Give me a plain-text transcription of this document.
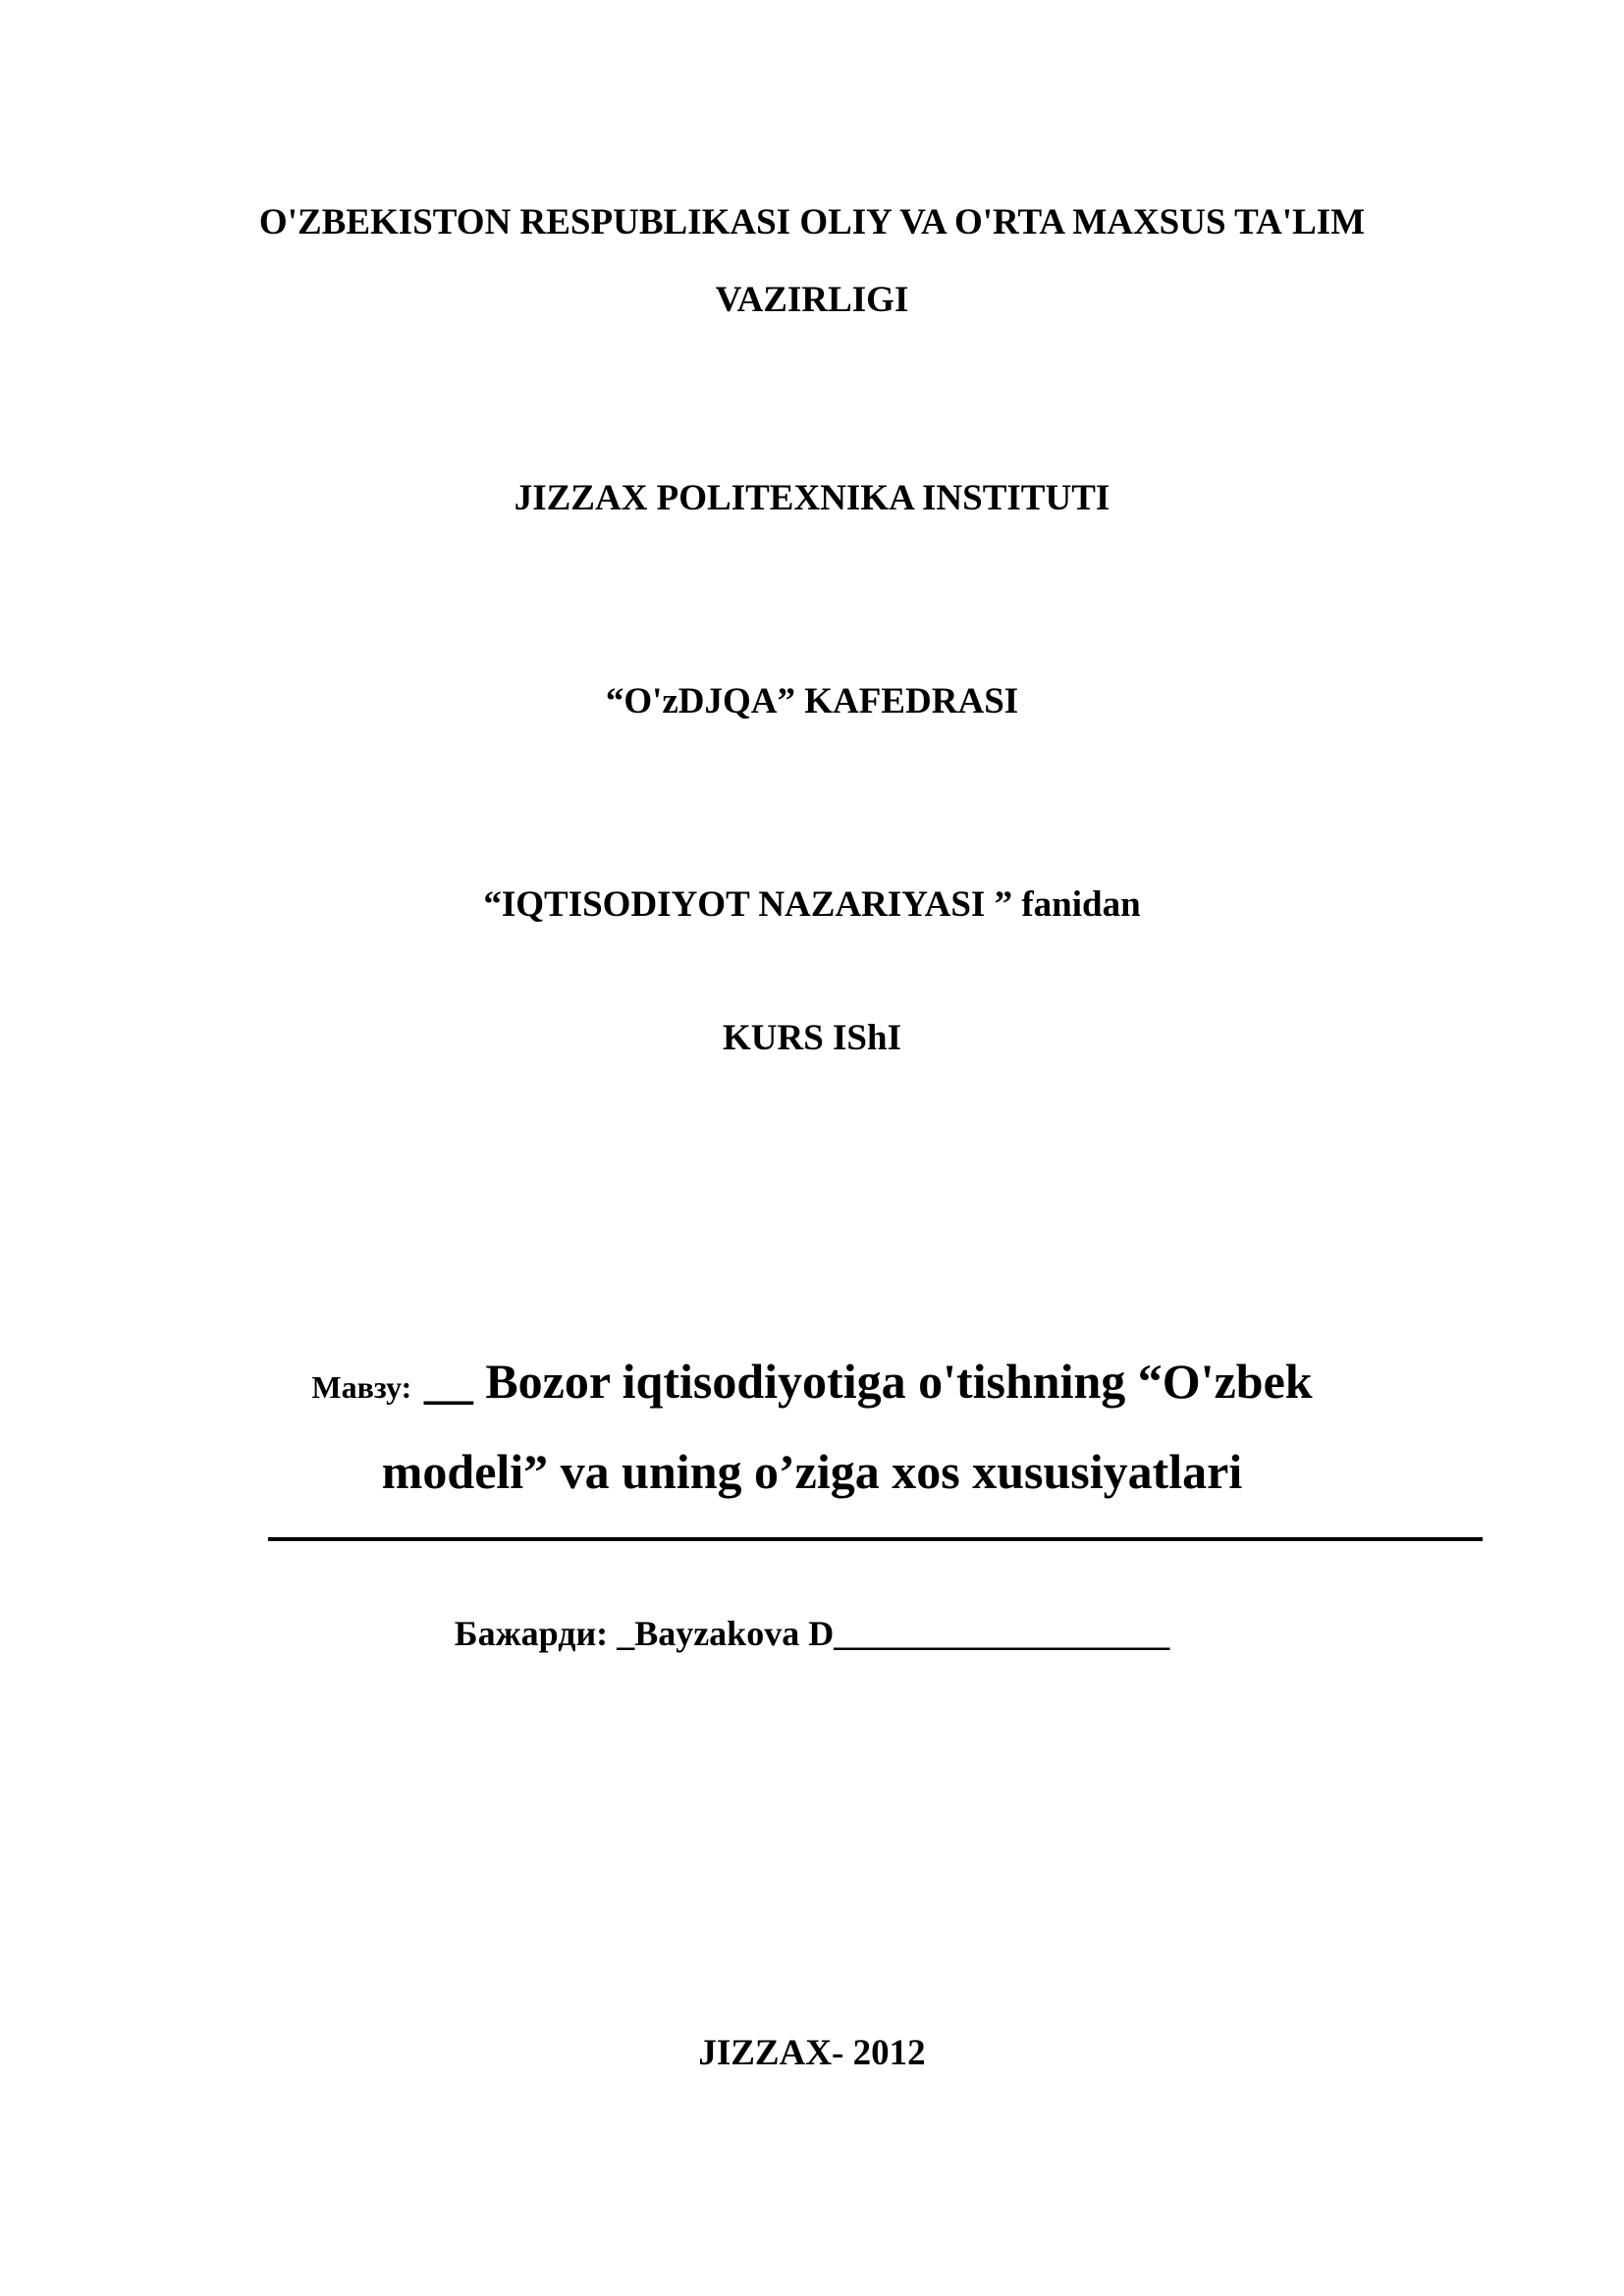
O'ZBEKISTON RESPUBLIKASI OLIY VA O'RTA MAXSUS TA'LIM
VAZIRLIGI
JIZZAX POLITEXNIKA INSTITUTI
“O'zDJQA” KAFEDRASI
“IQTISODIYOT NAZARIYASI ” fanidan
KURS IShI
Мавзу: __ Bozor iqtisodiyotiga o'tishning “O'zbek
modeli” va uning o’ziga xos xususiyatlari
Бажарди: _Bayzakova D___________________
JIZZAX- 2012
